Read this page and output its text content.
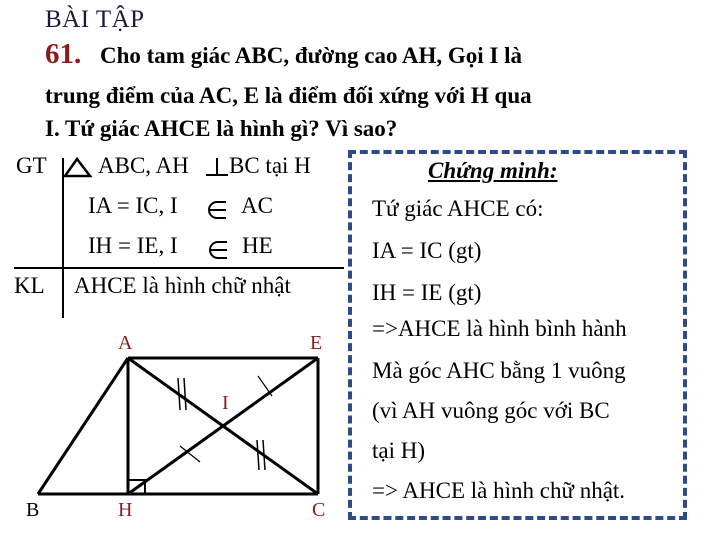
BÀI TẬP
61. Cho tam giác ABC, đường cao AH, Gọi I là
trung điểm của AC, E là điểm đối xứng với H qua
I. Tứ giác AHCE là hình gì? Vì sao?
GT ABC, AH BC tại H
IA = IC, I	AC
IH = IE, I	HE
KL AHCE là hình chữ nhật
A	E
I
B	H	C
Chứng minh:
Tứ giác AHCE có:
IA = IC (gt)
IH = IE (gt)
=>AHCE là hình bình hành
Mà góc AHC bằng 1 vuông
(vì AH vuông góc với BC
tại H)
=> AHCE là hình chữ nhật.
